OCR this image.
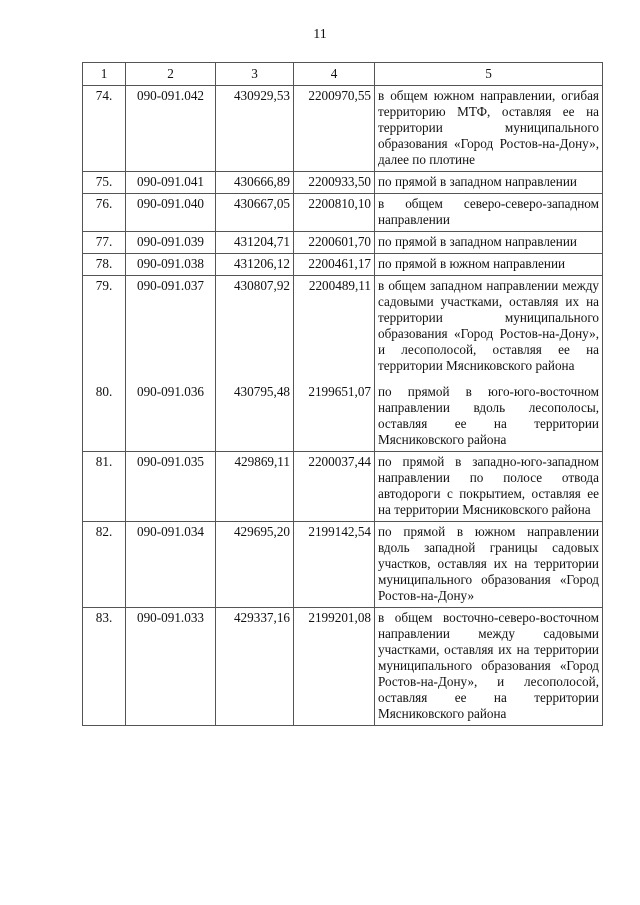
11
1	2	3	4	5
74.	090-091.042	430929,53	2200970,55	в общем южном направлении, огибая территорию МТФ, оставляя ее на территории муниципального образования «Город Ростов-на-Дону», далее по плотине
75.	090-091.041	430666,89	2200933,50	по прямой в западном направлении
76.	090-091.040	430667,05	2200810,10	в общем северо-северо-западном направлении
77.	090-091.039	431204,71	2200601,70	по прямой в западном направлении
78.	090-091.038	431206,12	2200461,17	по прямой в южном направлении
79.	090-091.037	430807,92	2200489,11	в общем западном направлении между садовыми участками, оставляя их на территории муниципального образования «Город Ростов-на-Дону», и лесополосой, оставляя ее на территории Мясниковского района
80.	090-091.036	430795,48	2199651,07	по прямой в юго-юго-восточном направлении вдоль лесополосы, оставляя ее на территории Мясниковского района
81.	090-091.035	429869,11	2200037,44	по прямой в западно-юго-западном направлении по полосе отвода автодороги с покрытием, оставляя ее на территории Мясниковского района
82.	090-091.034	429695,20	2199142,54	по прямой в южном направлении вдоль западной границы садовых участков, оставляя их на территории муниципального образования «Город Ростов-на-Дону»
83.	090-091.033	429337,16	2199201,08	в общем восточно-северо-восточном направлении между садовыми участками, оставляя их на территории муниципального образования «Город Ростов-на-Дону», и лесополосой, оставляя ее на территории Мясниковского района
